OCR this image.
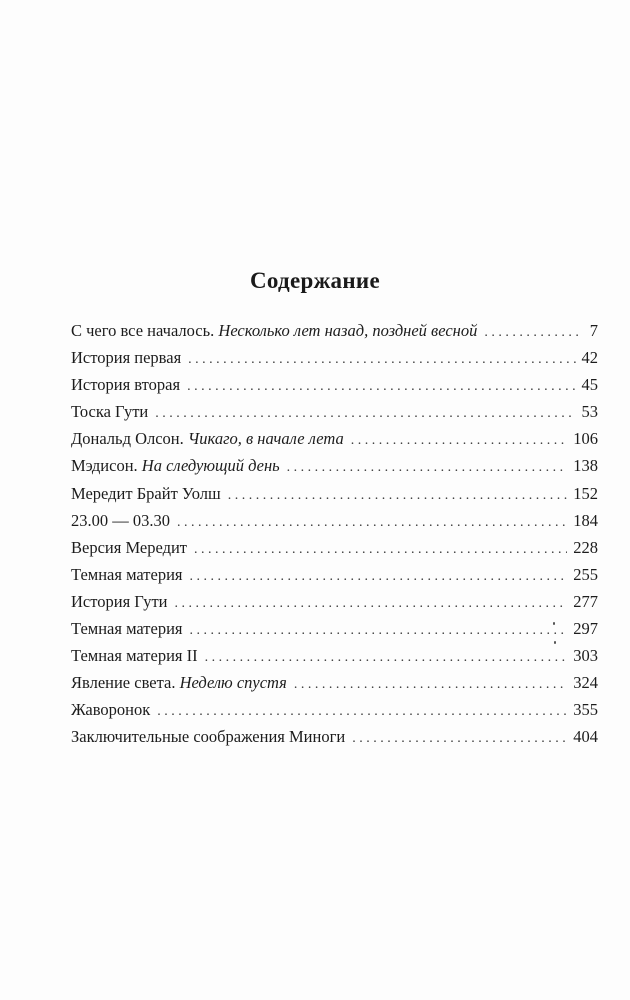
Содержание
С чего все началось. Несколько лет назад, поздней весной . . .	7
История первая . . .	42
История вторая . . .	45
Тоска Гути . . .	53
Дональд Олсон. Чикаго, в начале лета . . .	106
Мэдисон. На следующий день . . .	138
Мередит Брайт Уолш . . .	152
23.00 — 03.30 . . .	184
Версия Мередит . . .	228
Темная материя . . .	255
История Гути . . .	277
Темная материя . . .	297
Темная материя II . . .	303
Явление света. Неделю спустя . . .	324
Жаворонок . . .	355
Заключительные соображения Миноги . . .	404
